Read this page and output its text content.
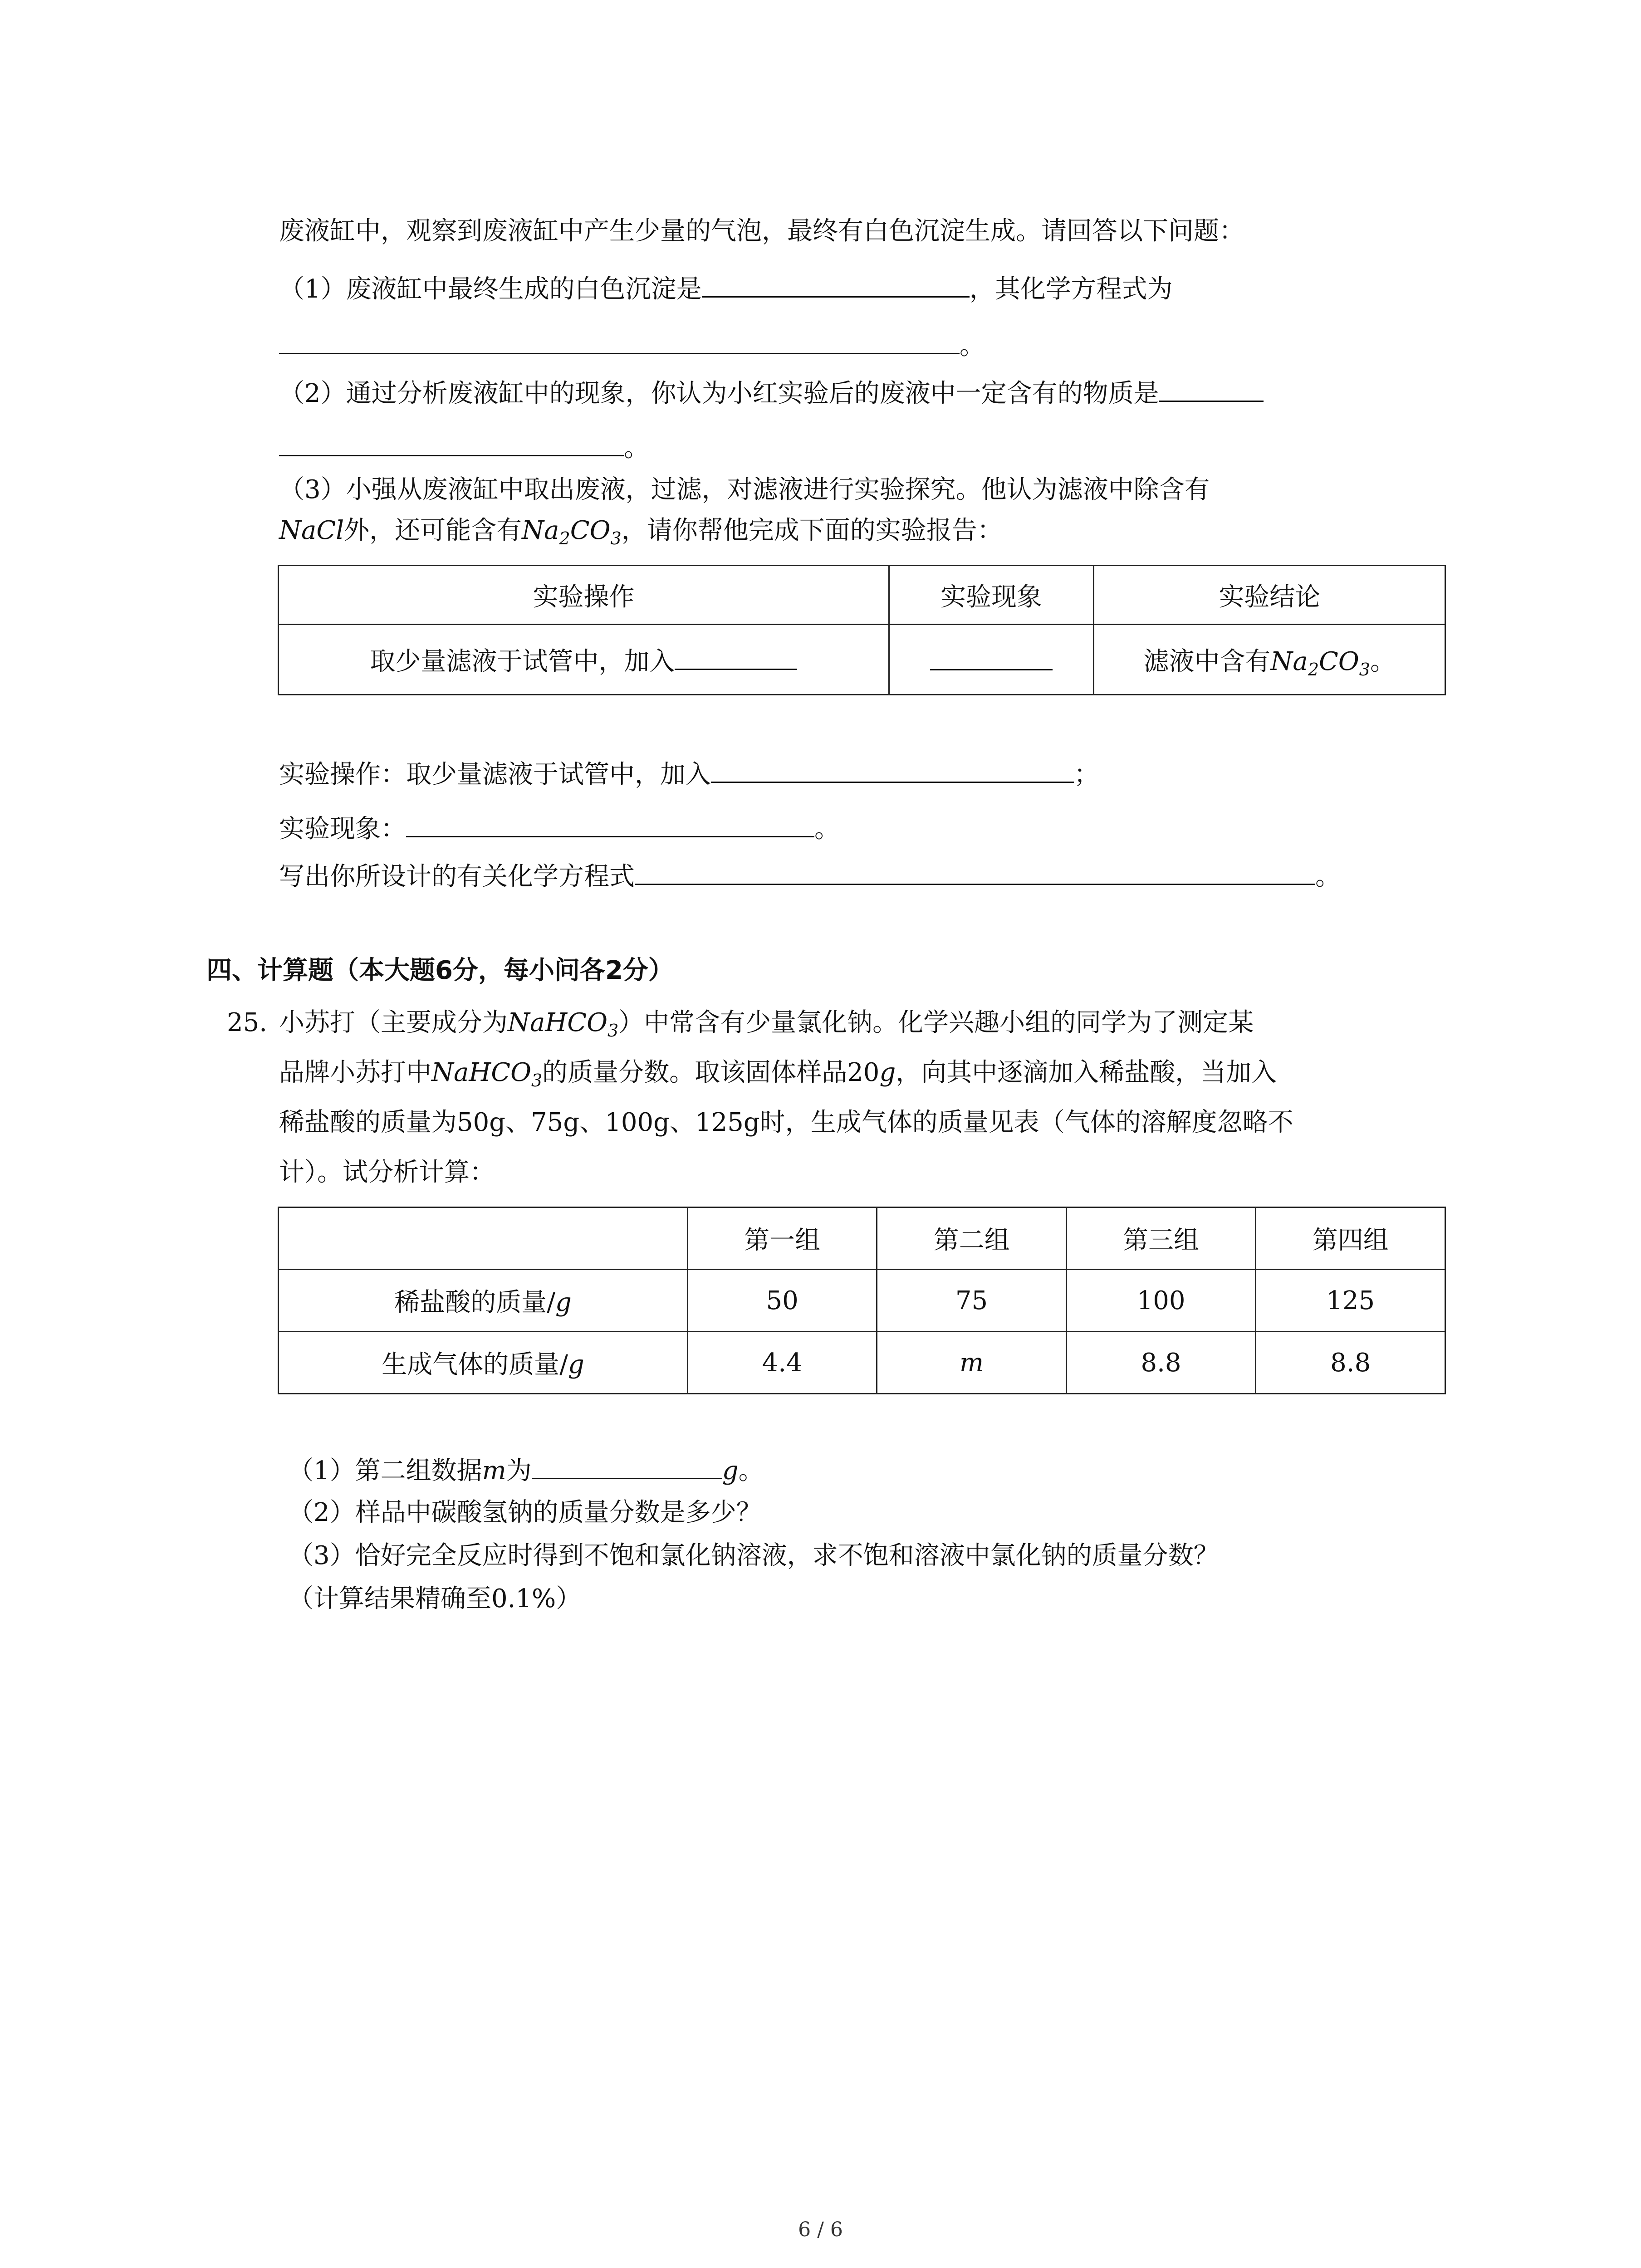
废液缸中，观察到废液缸中产生少量的气泡，最终有白色沉淀生成。请回答以下问题：
（1）废液缸中最终生成的白色沉淀是	，其化学方程式为
。
（2）通过分析废液缸中的现象，你认为小红实验后的废液中一定含有的物质是
。
（3）小强从废液缸中取出废液，过滤，对滤液进行实验探究。他认为滤液中除含有
NaCl外，还可能含有$Na_2CO_3$，请你帮他完成下面的实验报告：
实验操作	实验现象	实验结论
取少量滤液于试管中，加入		滤液中含有$Na_2CO_3$。
实验操作：取少量滤液于试管中，加入	；
实验现象：	。
写出你所设计的有关化学方程式	。
四、计算题（本大题6分，每小问各2分）
25. 小苏打（主要成分为NaHCO$_3$）中常含有少量氯化钠。化学兴趣小组的同学为了测定某
品牌小苏打中NaHCO$_3$的质量分数。取该固体样品20g，向其中逐滴加入稀盐酸，当加入
稀盐酸的质量为50g、75g、100g、125g时，生成气体的质量见表（气体的溶解度忽略不
计）。试分析计算：
	第一组	第二组	第三组	第四组
稀盐酸的质量/g	50	75	100	125
生成气体的质量/g	4.4	m	8.8	8.8
（1）第二组数据m为	g。
（2）样品中碳酸氢钠的质量分数是多少？
（3）恰好完全反应时得到不饱和氯化钠溶液，求不饱和溶液中氯化钠的质量分数？
（计算结果精确至0.1%）
6 / 6
